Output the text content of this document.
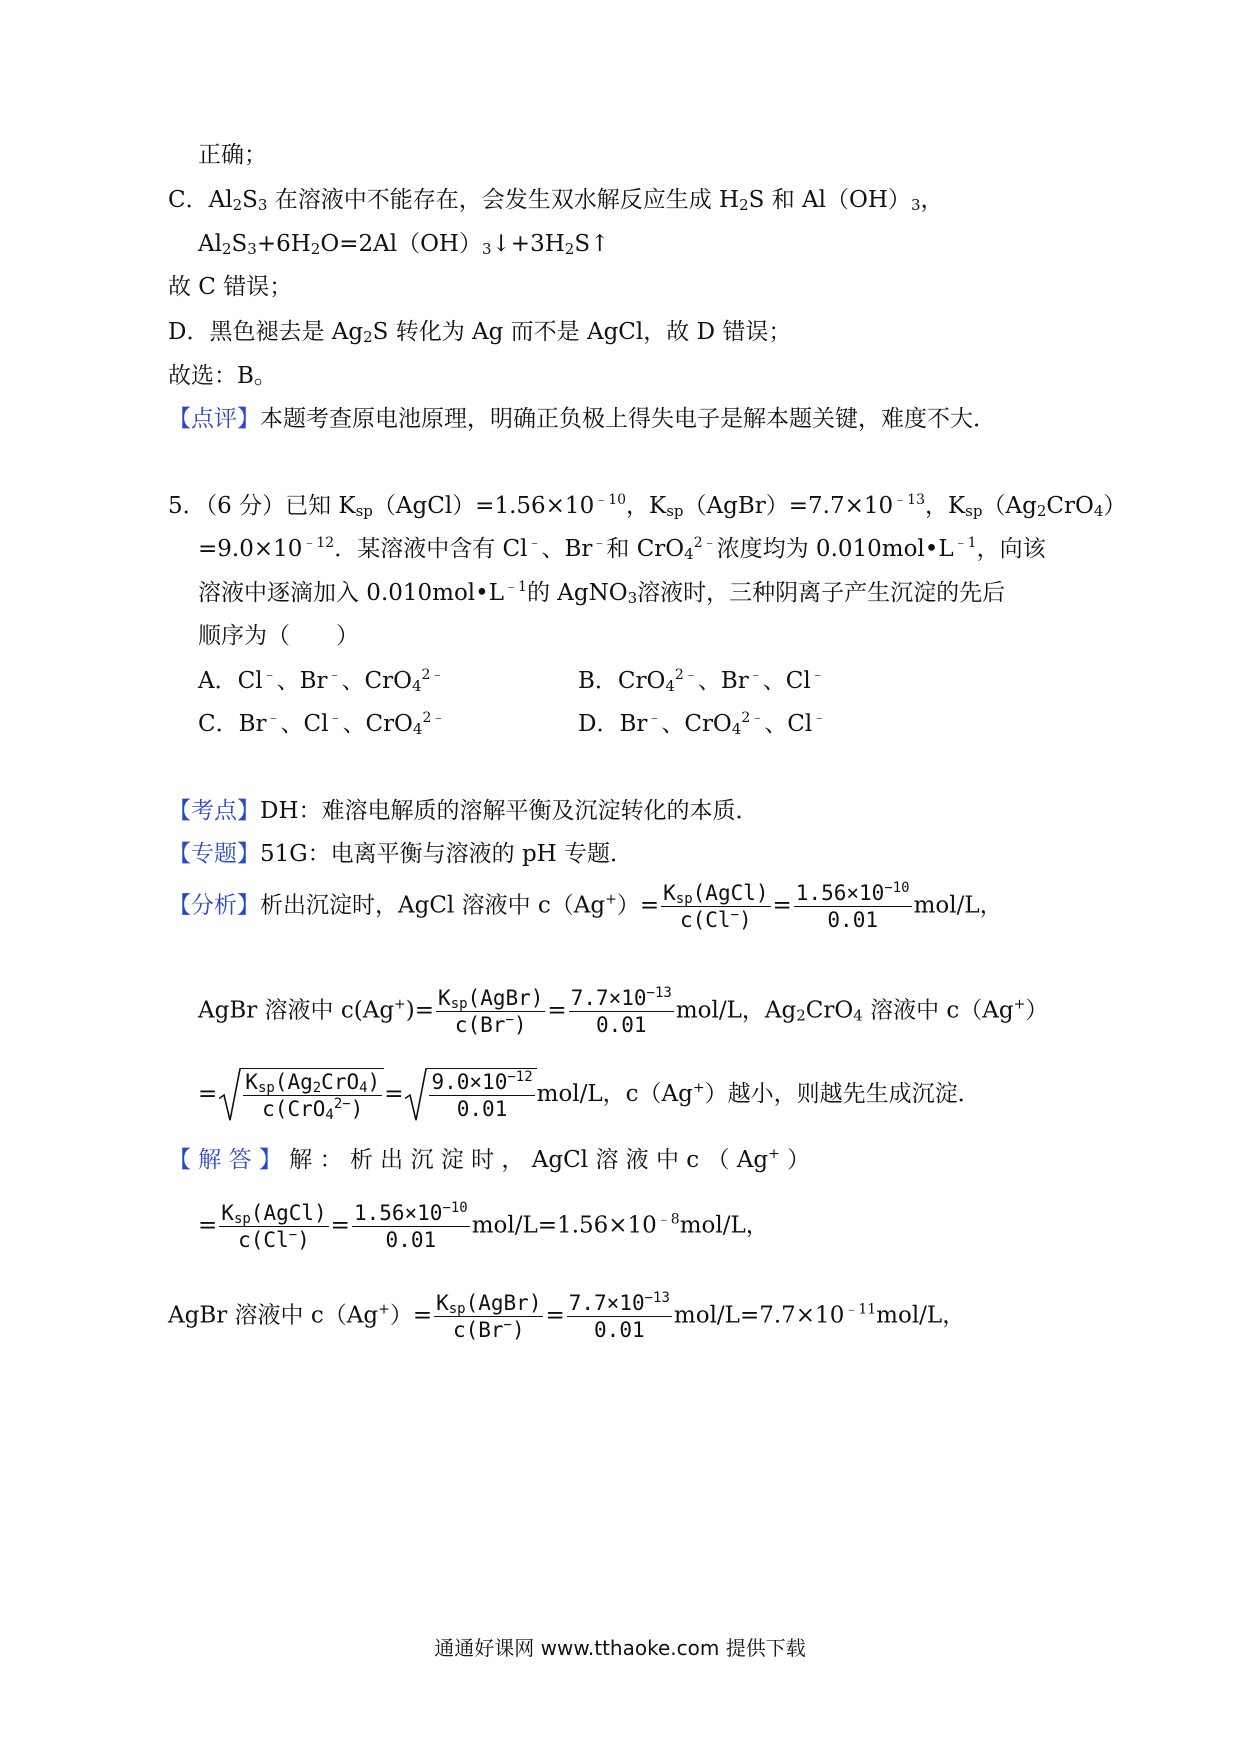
正确；
C．$Al_2S_3$ 在溶液中不能存在，会发生双水解反应生成 $H_2S$ 和 $Al(OH)_3$，
$Al_2S_3+6H_2O=2Al(OH)_3↓+3H_2S↑$
故 C 错误；
D．黑色褪去是 $Ag_2S$ 转化为 Ag 而不是 AgCl，故 D 错误；
故选：B。
【点评】本题考查原电池原理，明确正负极上得失电子是解本题关键，难度不大．
5．（6 分）已知 $K_{sp}(AgCl)=1.56\times 10^{﹣10}$，$K_{sp}(AgBr)=7.7\times 10^{﹣13}$，$K_{sp}(Ag_2CrO_4)$
$=9.0\times 10^{﹣12}$．某溶液中含有 Cl﹣、Br﹣和 CrO$_4^{2﹣}$浓度均为 $0.010mol•L^{﹣1}$，向该
溶液中逐滴加入 $0.010mol•L^{﹣1}$的 AgNO$_3$溶液时，三种阴离子产生沉淀的先后
顺序为（　　）
A．Cl﹣、Br﹣、CrO$_4^{2﹣}$	B．CrO$_4^{2﹣}$、Br﹣、Cl﹣
C．Br﹣、Cl﹣、CrO$_4^{2﹣}$	D．Br﹣、CrO$_4^{2﹣}$、Cl﹣
【考点】DH：难溶电解质的溶解平衡及沉淀转化的本质．
【专题】51G：电离平衡与溶液的 pH 专题．
【分析】析出沉淀时，AgCl 溶液中 $c(Ag^+)= \frac{K_{sp}(AgCl)}{c(Cl^-)} = \frac{1.56\times 10^{-10}}{0.01} mol/L$，
AgBr 溶液中 $c(Ag^+)= \frac{K_{sp}(AgBr)}{c(Br^-)} = \frac{7.7\times 10^{-13}}{0.01} mol/L$，$Ag_2CrO_4$ 溶液中 c（Ag+）
= $\frac{K_{sp}(Ag_2CrO_4)}{c(CrO_4^{2-})} = \frac{9.0\times 10^{-12}}{0.01} mol/L$，c（Ag+）越小，则越先生成沉淀．
【 解 答 】 解 ： 析 出 沉 淀 时 ， AgCl 溶 液 中 c （ Ag+ ）
= $\frac{K_{sp}(AgCl)}{c(Cl^-)} = \frac{1.56\times 10^{-10}}{0.01} mol/L=1.56\times 10^{﹣8}mol/L$，
AgBr 溶液中 $c(Ag^+)= \frac{K_{sp}(AgBr)}{c(Br^-)} = \frac{7.7\times 10^{-13}}{0.01} mol/L=7.7\times 10^{﹣11}mol/L$，
通通好课网 www.tthaoke.com 提供下载
